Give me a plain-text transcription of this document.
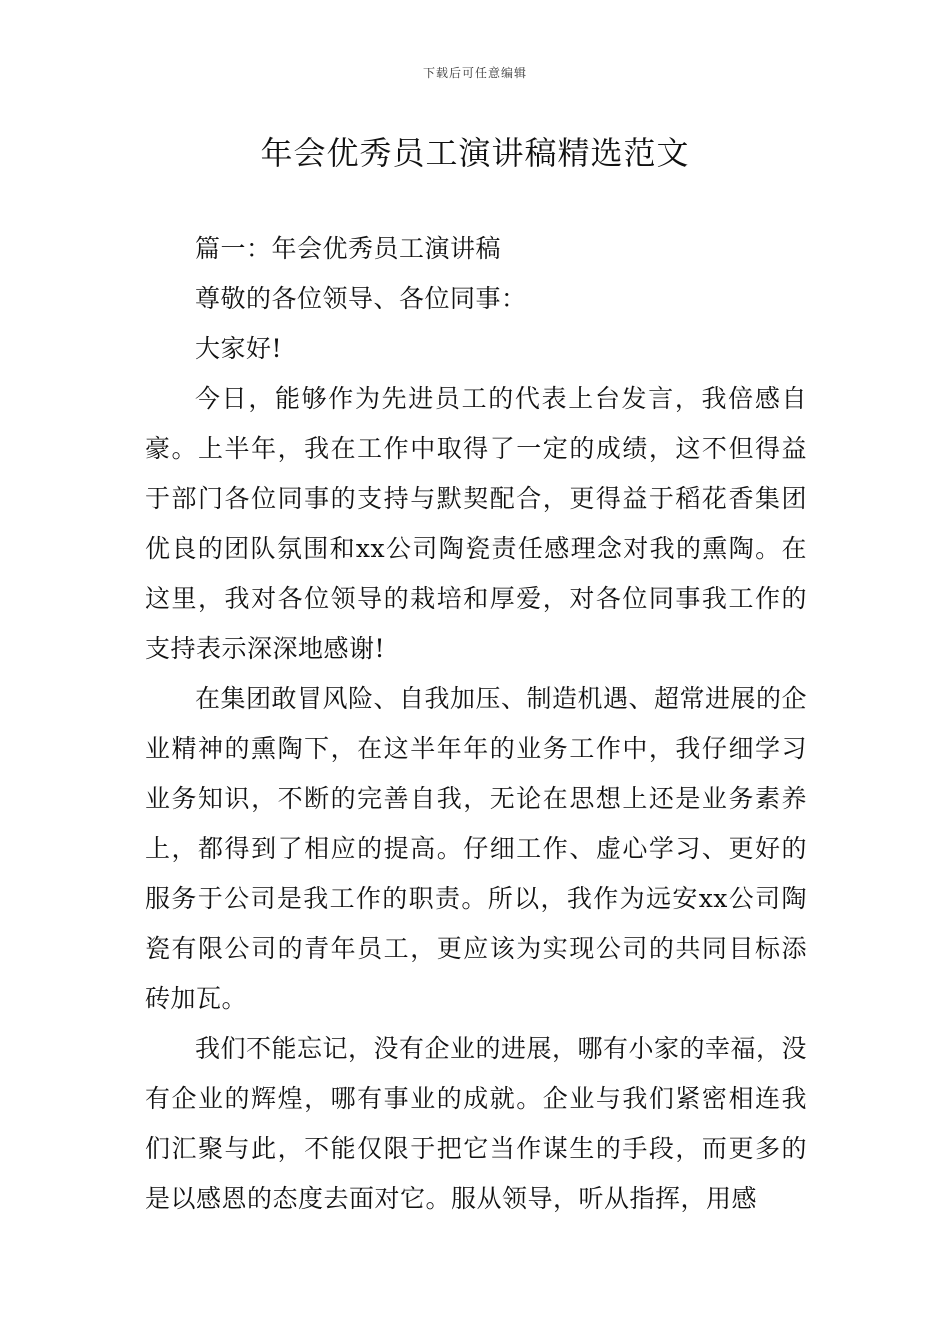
下载后可任意编辑
年会优秀员工演讲稿精选范文

篇一：年会优秀员工演讲稿

尊敬的各位领导、各位同事：

大家好!

今日，能够作为先进员工的代表上台发言，我倍感自豪。上半年，我在工作中取得了一定的成绩，这不但得益于部门各位同事的支持与默契配合，更得益于稻花香集团优良的团队氛围和xx公司陶瓷责任感理念对我的熏陶。在这里，我对各位领导的栽培和厚爱，对各位同事我工作的支持表示深深地感谢!

在集团敢冒风险、自我加压、制造机遇、超常进展的企业精神的熏陶下，在这半年年的业务工作中，我仔细学习业务知识，不断的完善自我，无论在思想上还是业务素养上，都得到了相应的提高。仔细工作、虚心学习、更好的服务于公司是我工作的职责。所以，我作为远安xx公司陶瓷有限公司的青年员工，更应该为实现公司的共同目标添砖加瓦。

我们不能忘记，没有企业的进展，哪有小家的幸福，没有企业的辉煌，哪有事业的成就。企业与我们紧密相连我们汇聚与此，不能仅限于把它当作谋生的手段，而更多的是以感恩的态度去面对它。服从领导，听从指挥，用感
